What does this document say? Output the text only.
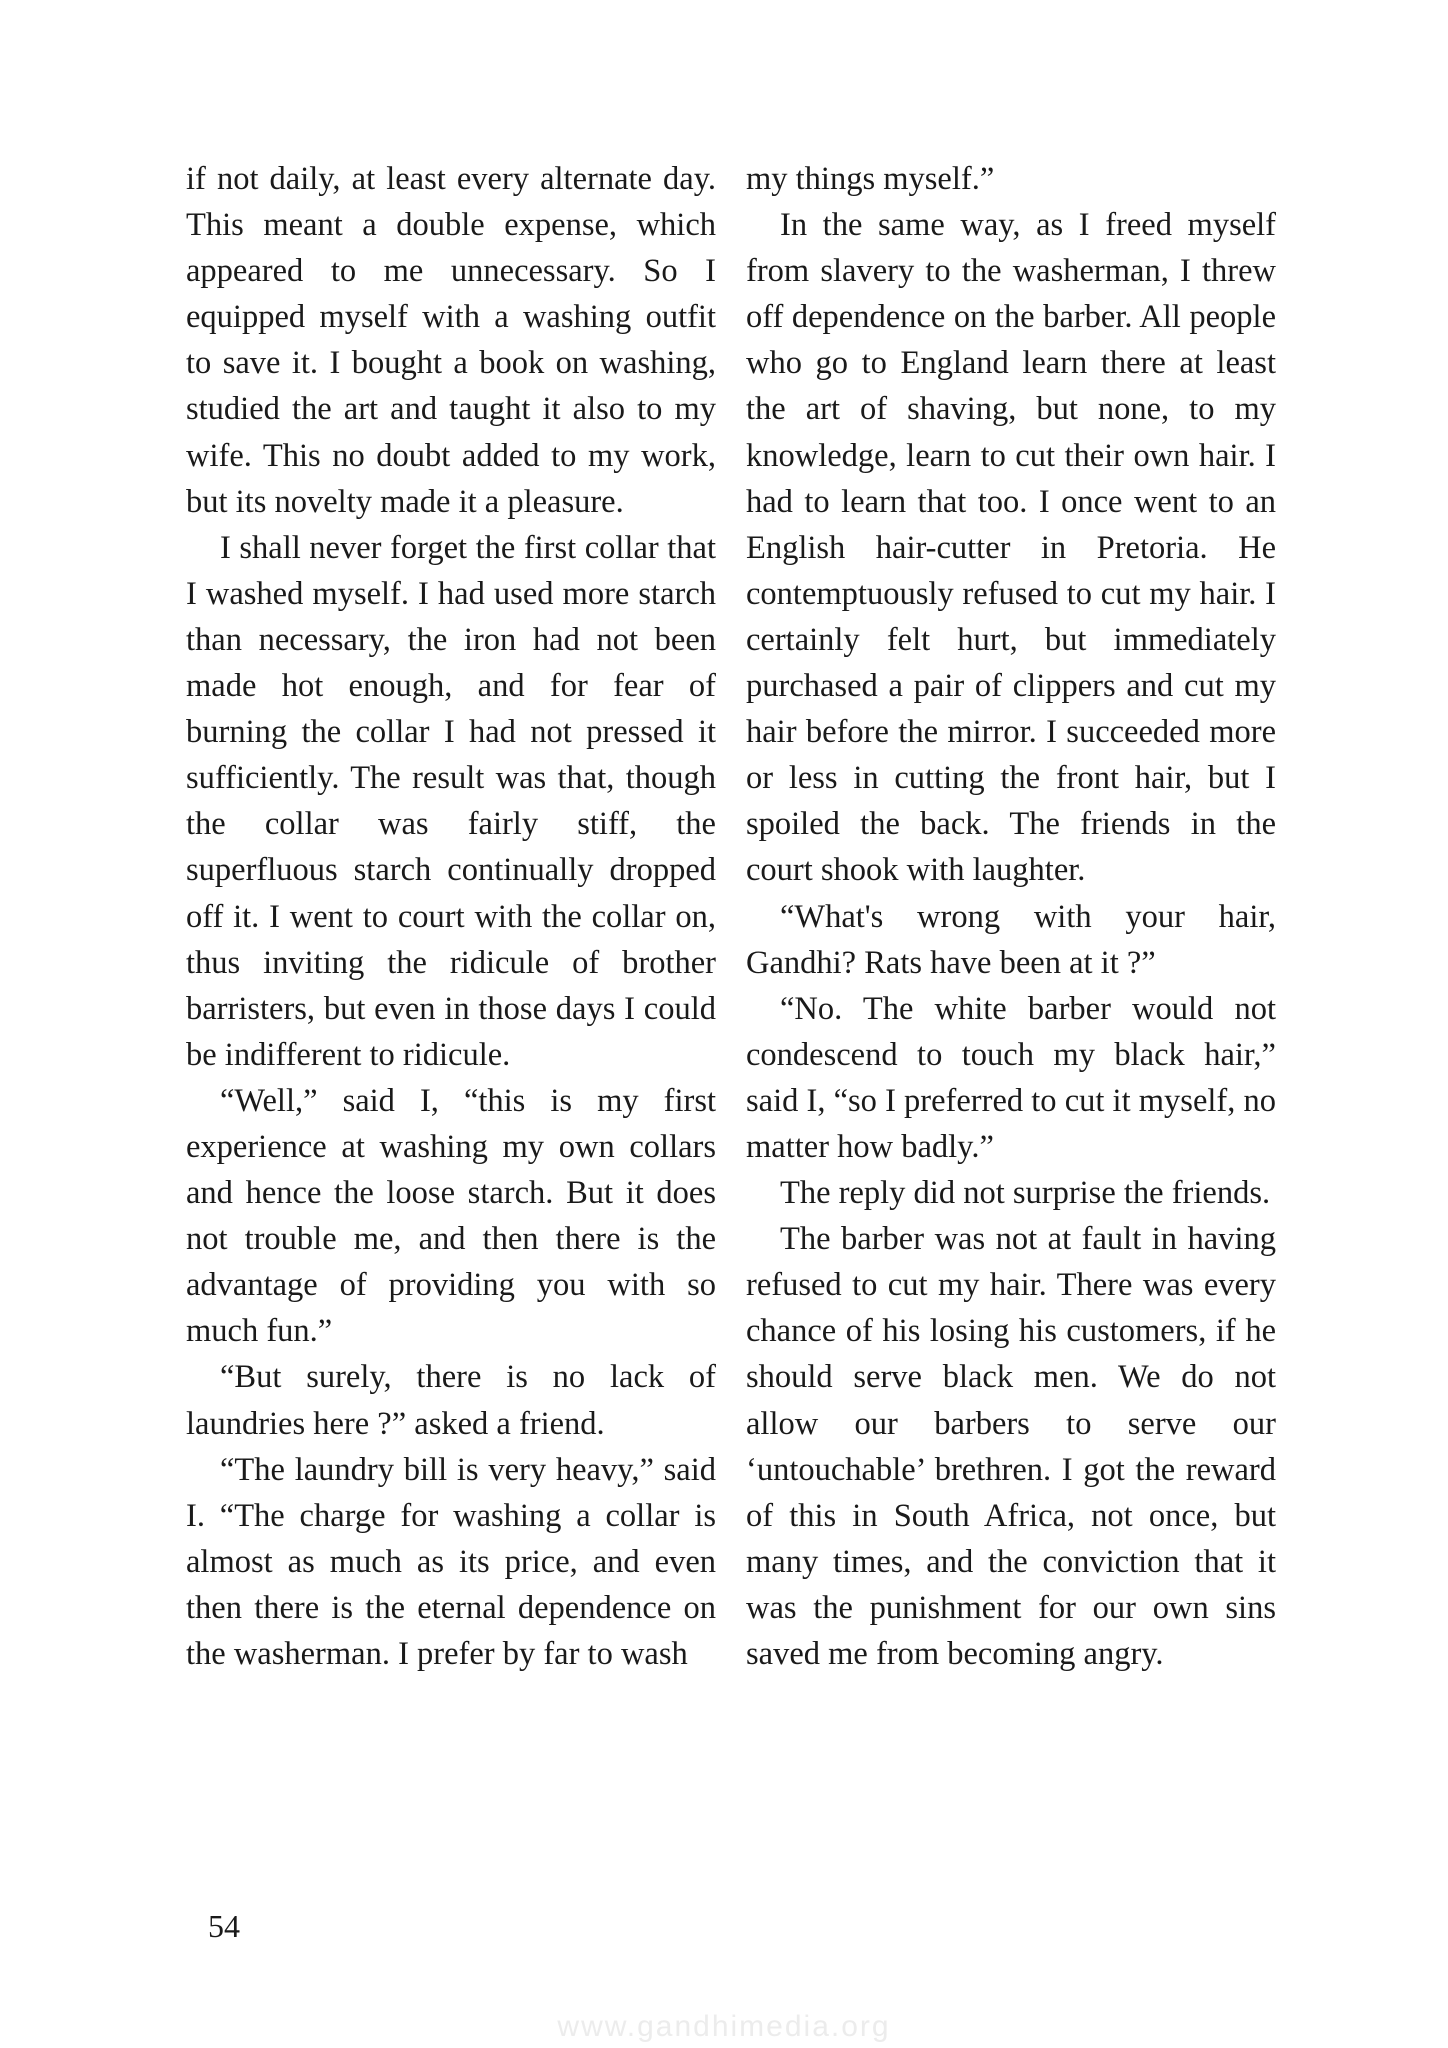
if not daily, at least every alternate day. This meant a double expense, which appeared to me unnecessary. So I equipped myself with a washing outfit to save it. I bought a book on washing, studied the art and taught it also to my wife. This no doubt added to my work, but its novelty made it a pleasure.

I shall never forget the first collar that I washed myself. I had used more starch than necessary, the iron had not been made hot enough, and for fear of burning the collar I had not pressed it sufficiently. The result was that, though the collar was fairly stiff, the superfluous starch continually dropped off it. I went to court with the collar on, thus inviting the ridicule of brother barristers, but even in those days I could be indifferent to ridicule.

“Well,” said I, “this is my first experience at washing my own collars and hence the loose starch. But it does not trouble me, and then there is the advantage of providing you with so much fun.”

“But surely, there is no lack of laundries here ?” asked a friend.

“The laundry bill is very heavy,” said I. “The charge for washing a collar is almost as much as its price, and even then there is the eternal dependence on the washerman. I prefer by far to wash

my things myself.”

In the same way, as I freed myself from slavery to the washerman, I threw off dependence on the barber. All people who go to England learn there at least the art of shaving, but none, to my knowledge, learn to cut their own hair. I had to learn that too. I once went to an English hair-cutter in Pretoria. He contemptuously refused to cut my hair. I certainly felt hurt, but immediately purchased a pair of clippers and cut my hair before the mirror. I succeeded more or less in cutting the front hair, but I spoiled the back. The friends in the court shook with laughter.

“What's wrong with your hair, Gandhi? Rats have been at it ?”

“No. The white barber would not condescend to touch my black hair,” said I, “so I preferred to cut it myself, no matter how badly.”

The reply did not surprise the friends.

The barber was not at fault in having refused to cut my hair. There was every chance of his losing his customers, if he should serve black men. We do not allow our barbers to serve our ‘untouchable’ brethren. I got the reward of this in South Africa, not once, but many times, and the conviction that it was the punishment for our own sins saved me from becoming angry.

54
www.gandhimedia.org
